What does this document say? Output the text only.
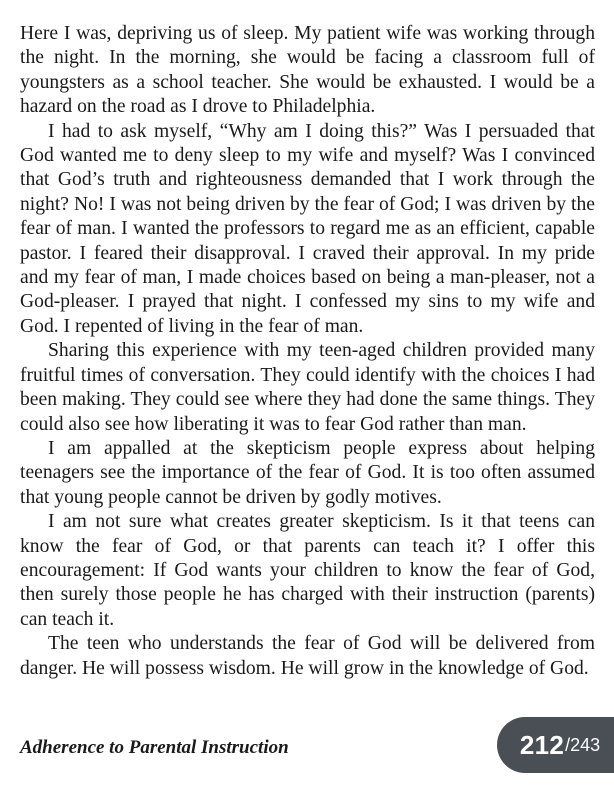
Here I was, depriving us of sleep. My patient wife was working through the night. In the morning, she would be facing a classroom full of youngsters as a school teacher. She would be exhausted. I would be a hazard on the road as I drove to Philadelphia.

I had to ask myself, “Why am I doing this?” Was I persuaded that God wanted me to deny sleep to my wife and myself? Was I convinced that God’s truth and righteousness demanded that I work through the night? No! I was not being driven by the fear of God; I was driven by the fear of man. I wanted the professors to regard me as an efficient, capable pastor. I feared their disapproval. I craved their approval. In my pride and my fear of man, I made choices based on being a man-pleaser, not a God-pleaser. I prayed that night. I confessed my sins to my wife and God. I repented of living in the fear of man.

Sharing this experience with my teen-aged children provided many fruitful times of conversation. They could identify with the choices I had been making. They could see where they had done the same things. They could also see how liberating it was to fear God rather than man.

I am appalled at the skepticism people express about helping teenagers see the importance of the fear of God. It is too often assumed that young people cannot be driven by godly motives.

I am not sure what creates greater skepticism. Is it that teens can know the fear of God, or that parents can teach it? I offer this encouragement: If God wants your children to know the fear of God, then surely those people he has charged with their instruction (parents) can teach it.

The teen who understands the fear of God will be delivered from danger. He will possess wisdom. He will grow in the knowledge of God.

Adherence to Parental Instruction	212 / 243
